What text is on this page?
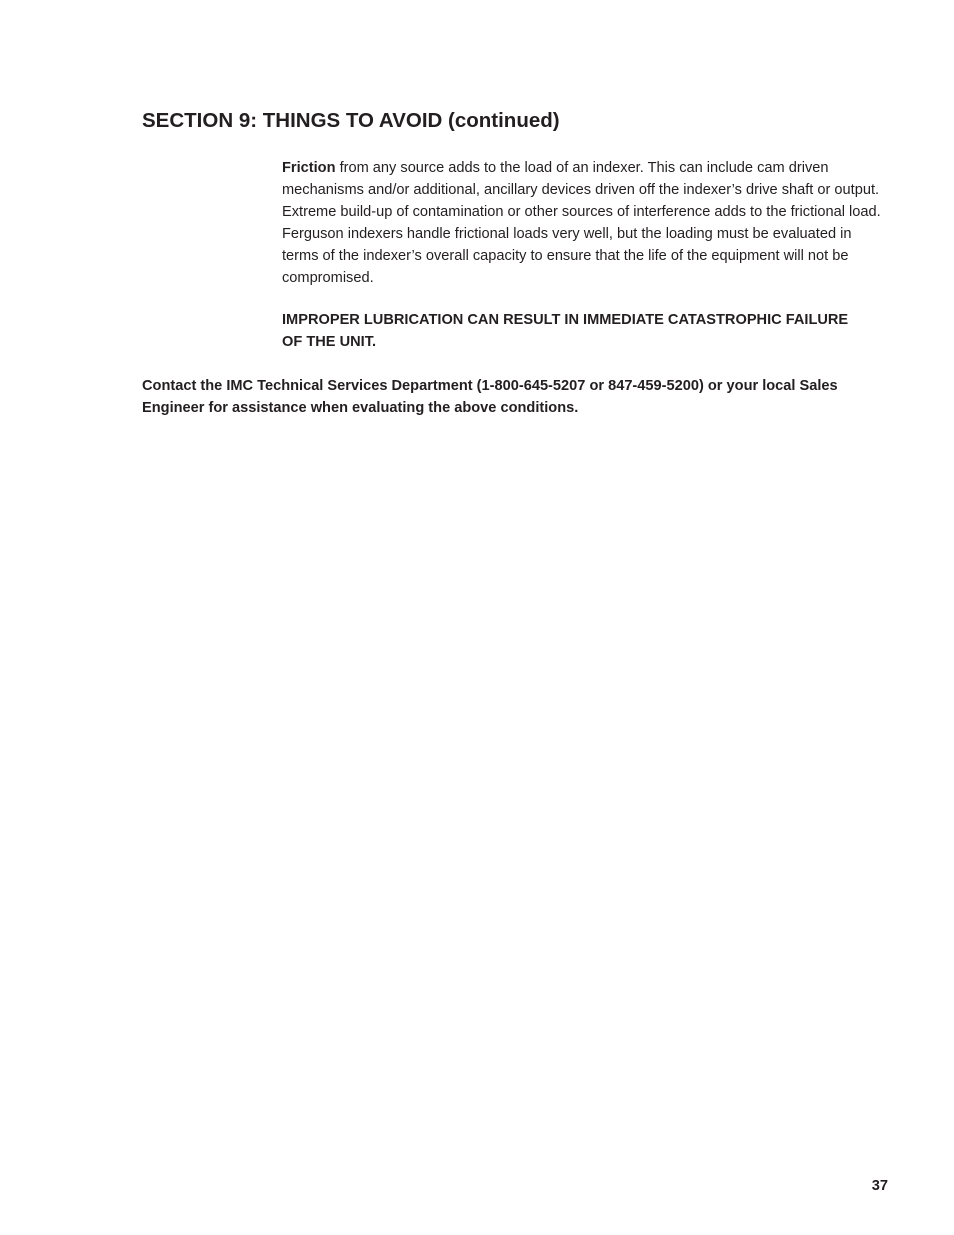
SECTION 9: THINGS TO AVOID (continued)

Friction from any source adds to the load of an indexer. This can include cam driven mechanisms and/or additional, ancillary devices driven off the indexer’s drive shaft or output. Extreme build-up of contamination or other sources of interference adds to the frictional load. Ferguson indexers handle frictional loads very well, but the loading must be evaluated in terms of the indexer’s overall capacity to ensure that the life of the equipment will not be compromised.

IMPROPER LUBRICATION CAN RESULT IN IMMEDIATE CATASTROPHIC FAILURE OF THE UNIT.

Contact the IMC Technical Services Department (1-800-645-5207 or 847-459-5200) or your local Sales Engineer for assistance when evaluating the above conditions.

37
